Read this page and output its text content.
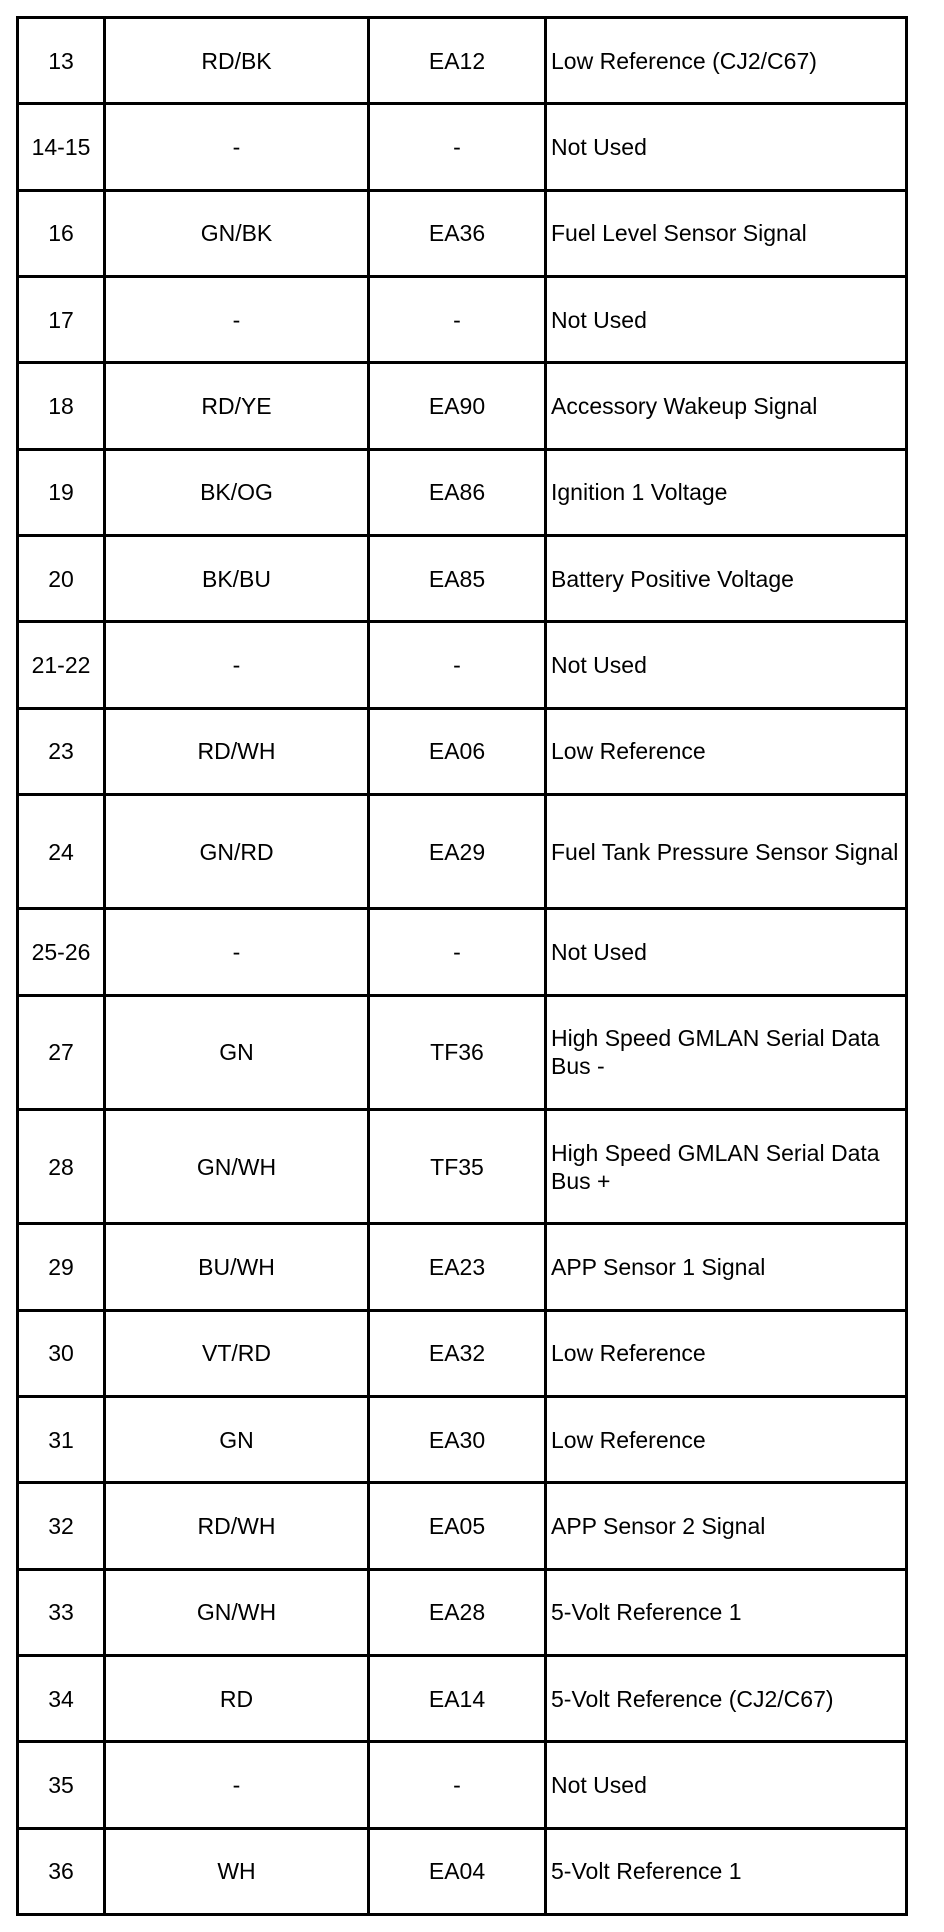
13	RD/BK	EA12	Low Reference (CJ2/C67)
14-15	-	-	Not Used
16	GN/BK	EA36	Fuel Level Sensor Signal
17	-	-	Not Used
18	RD/YE	EA90	Accessory Wakeup Signal
19	BK/OG	EA86	Ignition 1 Voltage
20	BK/BU	EA85	Battery Positive Voltage
21-22	-	-	Not Used
23	RD/WH	EA06	Low Reference
24	GN/RD	EA29	Fuel Tank Pressure Sensor Signal
25-26	-	-	Not Used
27	GN	TF36	High Speed GMLAN Serial Data Bus -
28	GN/WH	TF35	High Speed GMLAN Serial Data Bus +
29	BU/WH	EA23	APP Sensor 1 Signal
30	VT/RD	EA32	Low Reference
31	GN	EA30	Low Reference
32	RD/WH	EA05	APP Sensor 2 Signal
33	GN/WH	EA28	5-Volt Reference 1
34	RD	EA14	5-Volt Reference (CJ2/C67)
35	-	-	Not Used
36	WH	EA04	5-Volt Reference 1
